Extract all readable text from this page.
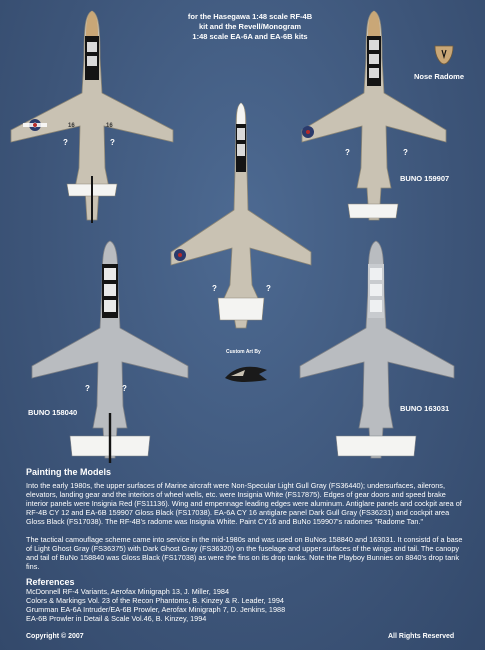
for the Hasegawa 1:48 scale RF-4B
kit and the Revell/Monogram
1:48 scale EA-6A and EA-6B kits
Nose Radome
BUNO 159907
BUNO 158040	BUNO 163031
16	16
?	?
?	?
?	?
?	?
Custom Art By
Painting the Models
Into the early 1980s, the upper surfaces of Marine aircraft were Non-Specular Light Gull Gray (FS36440); undersurfaces, ailerons, elevators, landing gear and the interiors of wheel wells, etc. were Insignia White (FS17875). Edges of gear doors and speed brake interior panels were Insignia Red (FS11136). Wing and empennage leading edges were aluminum. Antiglare panels and cockpit area of RF-4B CY 12 and EA-6B 159907 Gloss Black (FS17038). EA-6A CY 16 antiglare panel Dark Gull Gray (FS36231) and cockpit area Gloss Black (FS17038). The RF-4B's radome was Insignia White. Paint CY16 and BuNo 159907's radomes "Radome Tan."
The tactical camouflage scheme came into service in the mid-1980s and was used on BuNos 158840 and 163031. It consistd of a base of Light Ghost Gray (FS36375) with Dark Ghost Gray (FS36320) on the fuselage and upper surfaces of the wings and tail. The canopy and tail of BuNo 158840 was Gloss Black (FS17038) as were the fins on its drop tanks. Note the Playboy Bunnies on 8840's drop tank fins.
References
McDonnell RF-4 Variants, Aerofax Minigraph 13, J. Miller, 1984
Colors & Markings Vol. 23 of the Recon Phantoms, B. Kinzey & R. Leader, 1994
Grumman EA-6A Intruder/EA-6B Prowler, Aerofax Minigraph 7, D. Jenkins, 1988
EA-6B Prowler in Detail & Scale Vol.46, B. Kinzey, 1994
Copyright © 2007	All Rights Reserved
